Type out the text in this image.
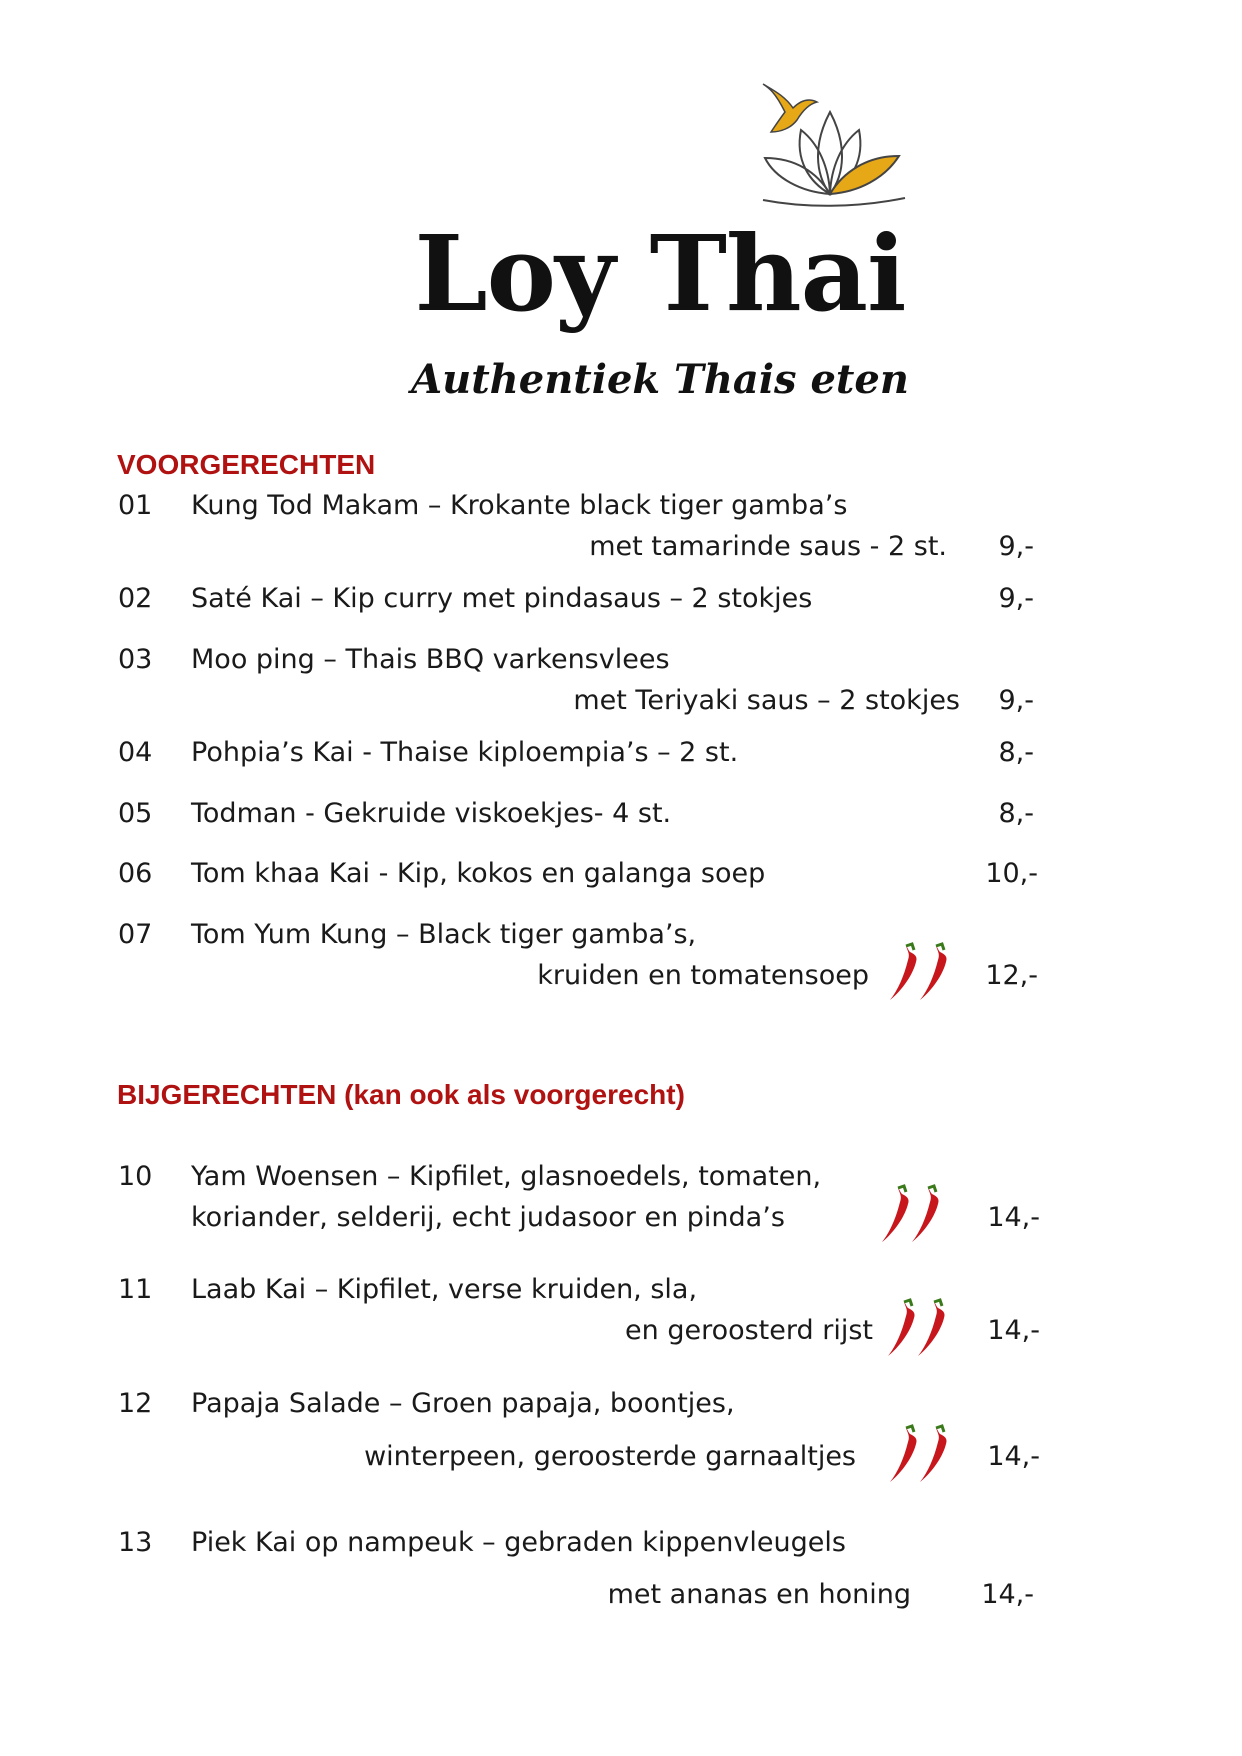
Loy Thai
Authentiek Thais eten
VOORGERECHTEN
01 Kung Tod Makam – Krokante black tiger gamba’s
met tamarinde saus - 2 st.	9,-
02 Saté Kai – Kip curry met pindasaus – 2 stokjes	9,-
03 Moo ping – Thais BBQ varkensvlees
met Teriyaki saus – 2 stokjes	9,-
04 Pohpia’s Kai - Thaise kiploempia’s – 2 st.	8,-
05 Todman - Gekruide viskoekjes- 4 st.	8,-
06 Tom khaa Kai - Kip, kokos en galanga soep	10,-
07 Tom Yum Kung – Black tiger gamba’s,
kruiden en tomatensoep	12,-
BIJGERECHTEN (kan ook als voorgerecht)
10 Yam Woensen – Kipfilet, glasnoedels, tomaten,
koriander, selderij, echt judasoor en pinda’s	14,-
11 Laab Kai – Kipfilet, verse kruiden, sla,
en geroosterd rijst	14,-
12 Papaja Salade – Groen papaja, boontjes,
winterpeen, geroosterde garnaaltjes	14,-
13 Piek Kai op nampeuk – gebraden kippenvleugels
met ananas en honing	14,-
